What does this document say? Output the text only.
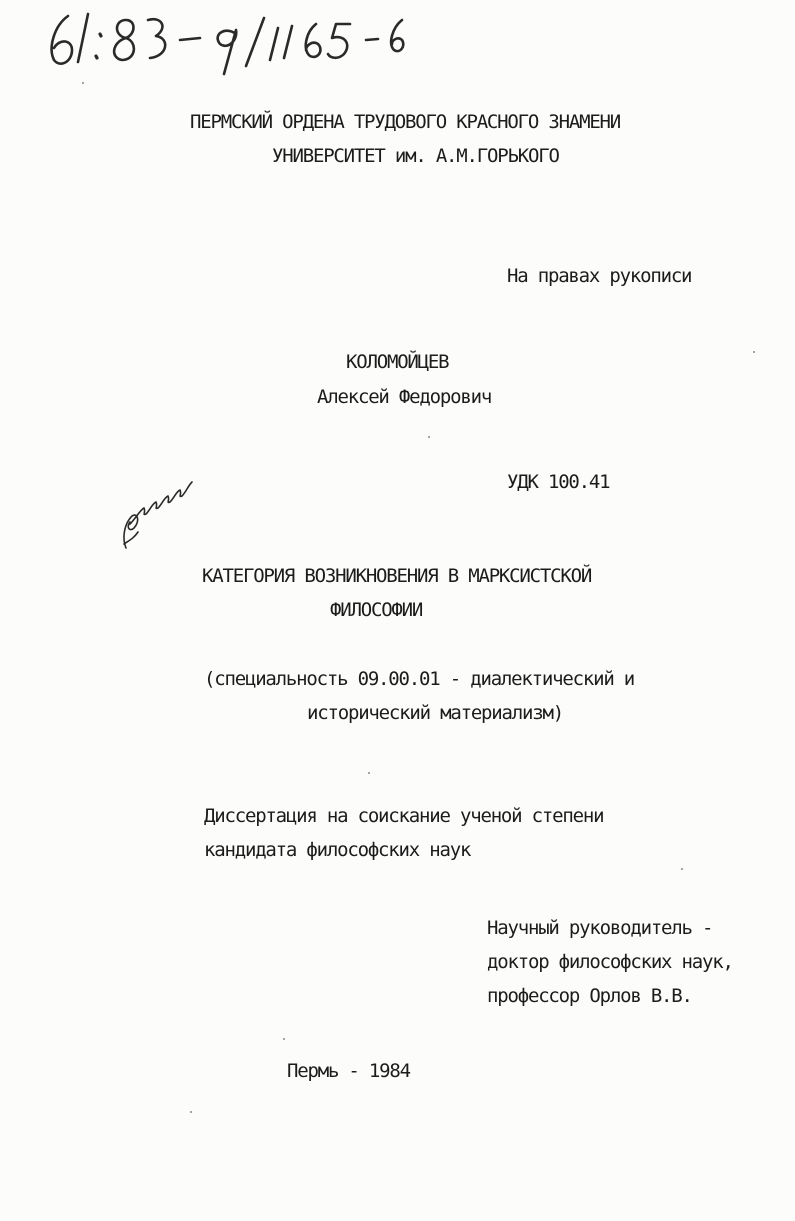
61:83-9/1165-6
ПЕРМСКИЙ ОРДЕНА ТРУДОВОГО КРАСНОГО ЗНАМЕНИ
УНИВЕРСИТЕТ им. А.М.ГОРЬКОГО
На правах рукописи
КОЛОМОЙЦЕВ
Алексей Федорович
УДК 100.41
Коломоец
КАТЕГОРИЯ ВОЗНИКНОВЕНИЯ В МАРКСИСТСКОЙ
ФИЛОСОФИИ
(специальность 09.00.01 - диалектический и
исторический материализм)
Диссертация на соискание ученой степени
кандидата философских наук
Научный руководитель -
доктор философских наук,
профессор Орлов В.В.
Пермь - 1984
